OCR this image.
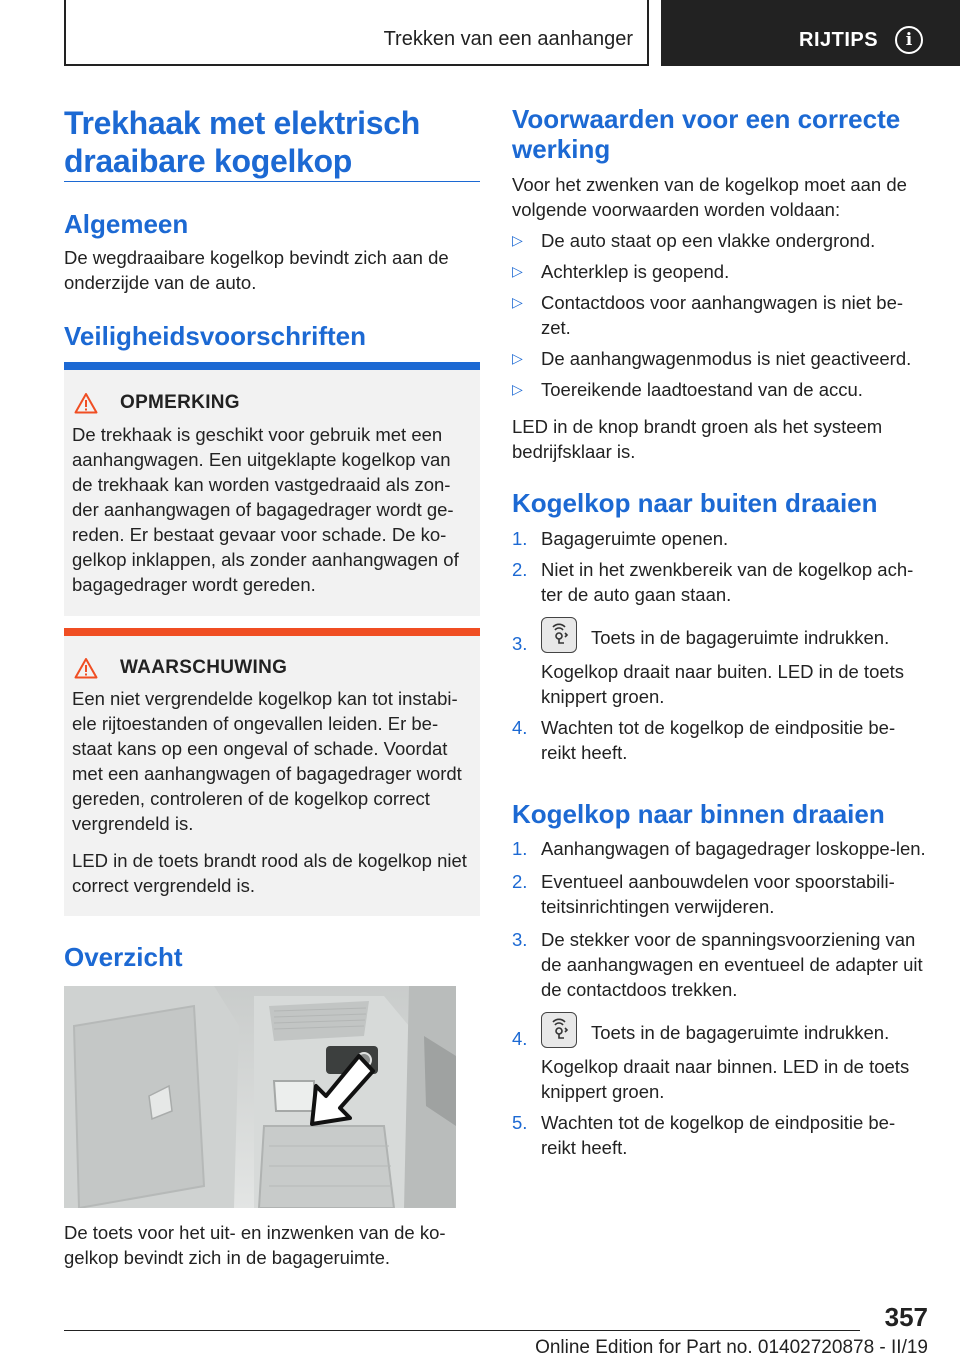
Trekken van een aanhanger	RIJTIPS	i
Trekhaak met elektrisch draaibare kogelkop
Algemeen

De wegdraaibare kogelkop bevindt zich aan de onderzijde van de auto.

Veiligheidsvoorschriften
OPMERKING

De trekhaak is geschikt voor gebruik met een aanhangwagen. Een uitgeklapte kogelkop van de trekhaak kan worden vastgedraaid als zon-der aanhangwagen of bagagedrager wordt ge-reden. Er bestaat gevaar voor schade. De ko-gelkop inklappen, als zonder aanhangwagen of bagagedrager wordt gereden.

WAARSCHUWING

Een niet vergrendelde kogelkop kan tot instabi-ele rijtoestanden of ongevallen leiden. Er be-staat kans op een ongeval of schade. Voordat met een aanhangwagen of bagagedrager wordt gereden, controleren of de kogelkop correct vergrendeld is.

LED in de toets brandt rood als de kogelkop niet correct vergrendeld is.

Overzicht

De toets voor het uit- en inzwenken van de ko-gelkop bevindt zich in de bagageruimte.

Voorwaarden voor een correcte werking

Voor het zwenken van de kogelkop moet aan de volgende voorwaarden worden voldaan:

▷ De auto staat op een vlakke ondergrond.
▷ Achterklep is geopend.
▷ Contactdoos voor aanhangwagen is niet be-zet.
▷ De aanhangwagenmodus is niet geactiveerd.
▷ Toereikende laadtoestand van de accu.

LED in de knop brandt groen als het systeem bedrijfsklaar is.

Kogelkop naar buiten draaien
1. Bagageruimte openen.
2. Niet in het zwenkbereik van de kogelkop ach-ter de auto gaan staan.
3.	Toets in de bagageruimte indrukken.
Kogelkop draait naar buiten. LED in de toets knippert groen.
4. Wachten tot de kogelkop de eindpositie be-reikt heeft.
Kogelkop naar binnen draaien
1. Aanhangwagen of bagagedrager loskoppe-len.
2. Eventueel aanbouwdelen voor spoorstabili-teitsinrichtingen verwijderen.
3. De stekker voor de spanningsvoorziening van de aanhangwagen en eventueel de adapter uit de contactdoos trekken.
4.	Toets in de bagageruimte indrukken.
Kogelkop draait naar binnen. LED in de toets knippert groen.
5. Wachten tot de kogelkop de eindpositie be-reikt heeft.
357
Online Edition for Part no. 01402720878 - II/19
